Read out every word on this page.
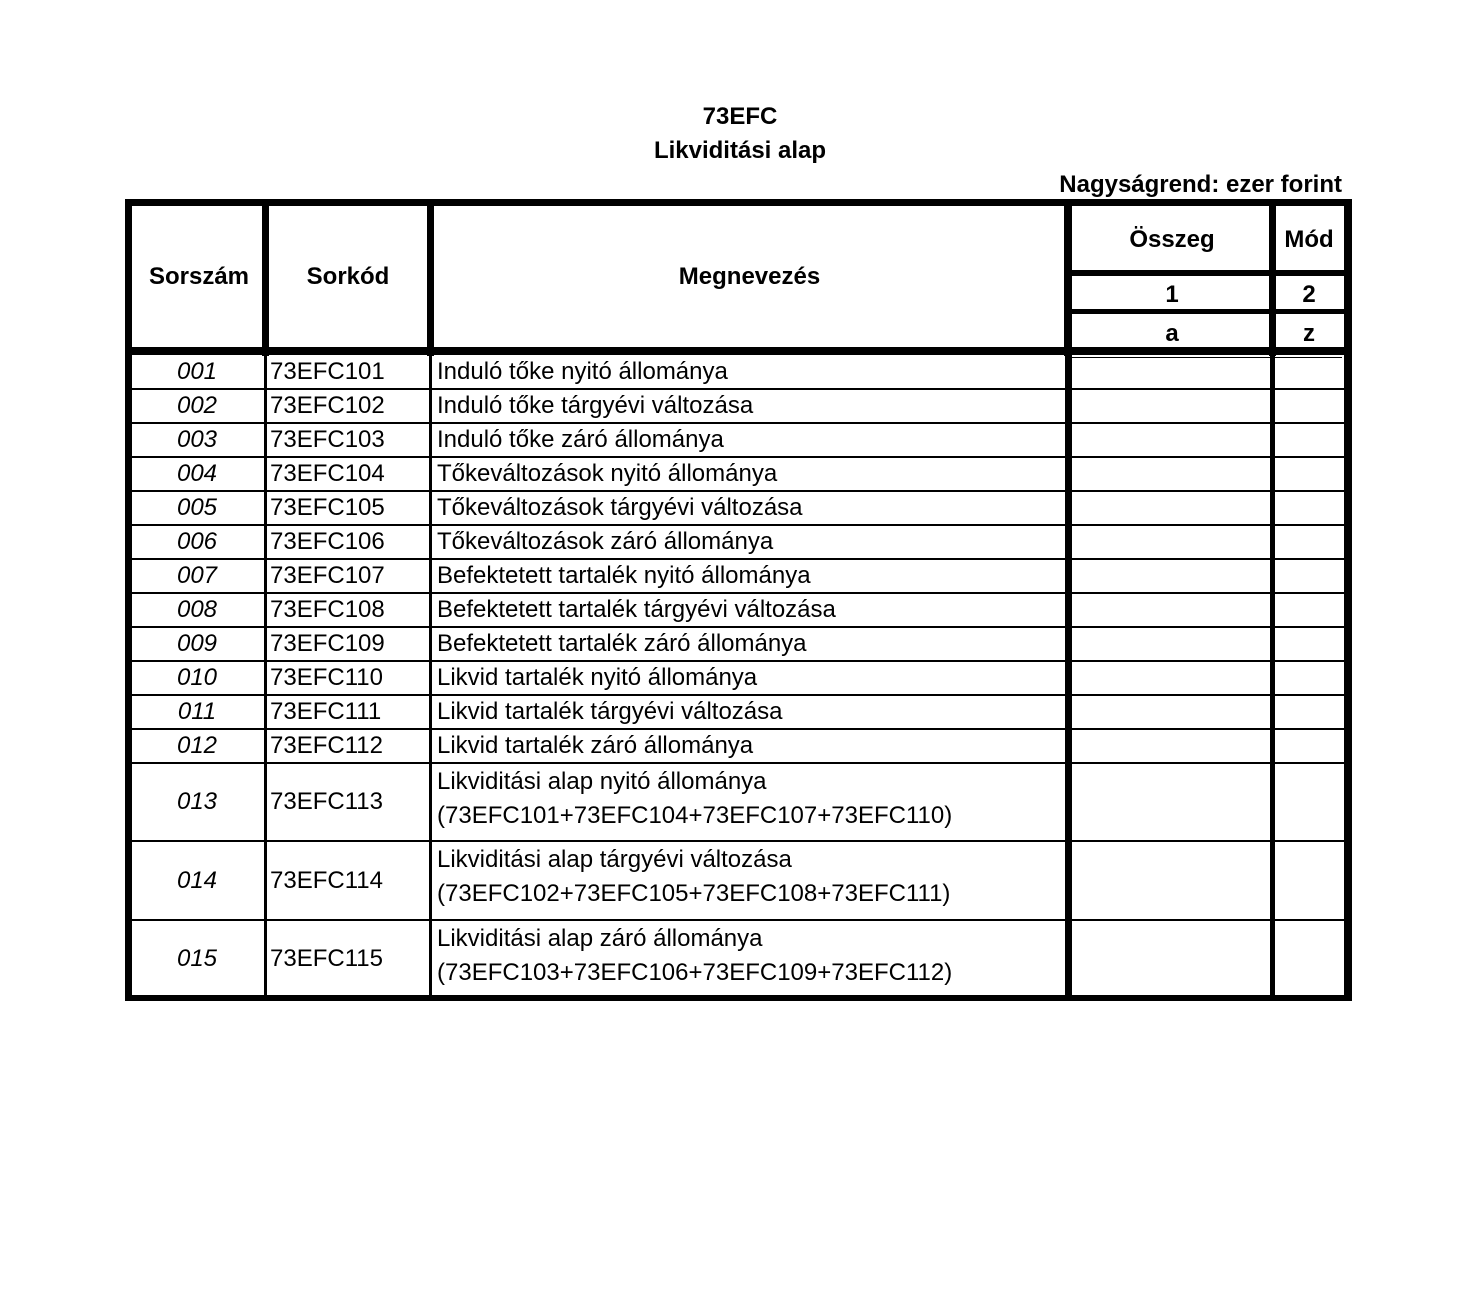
73EFC
Likviditási alap
Nagyságrend: ezer forint
Sorszám	Sorkód	Megnevezés
Összeg	Mód
1	2
a	z
001	73EFC101	Induló tőke nyitó állománya
002	73EFC102	Induló tőke tárgyévi változása
003	73EFC103	Induló tőke záró állománya
004	73EFC104	Tőkeváltozások nyitó állománya
005	73EFC105	Tőkeváltozások tárgyévi változása
006	73EFC106	Tőkeváltozások záró állománya
007	73EFC107	Befektetett tartalék nyitó állománya
008	73EFC108	Befektetett tartalék tárgyévi változása
009	73EFC109	Befektetett tartalék záró állománya
010	73EFC110	Likvid tartalék nyitó állománya
011	73EFC111	Likvid tartalék tárgyévi változása
012	73EFC112	Likvid tartalék záró állománya
013	73EFC113
Likviditási alap nyitó állománya
(73EFC101+73EFC104+73EFC107+73EFC110)
014	73EFC114
Likviditási alap tárgyévi változása
(73EFC102+73EFC105+73EFC108+73EFC111)
015	73EFC115
Likviditási alap záró állománya
(73EFC103+73EFC106+73EFC109+73EFC112)
